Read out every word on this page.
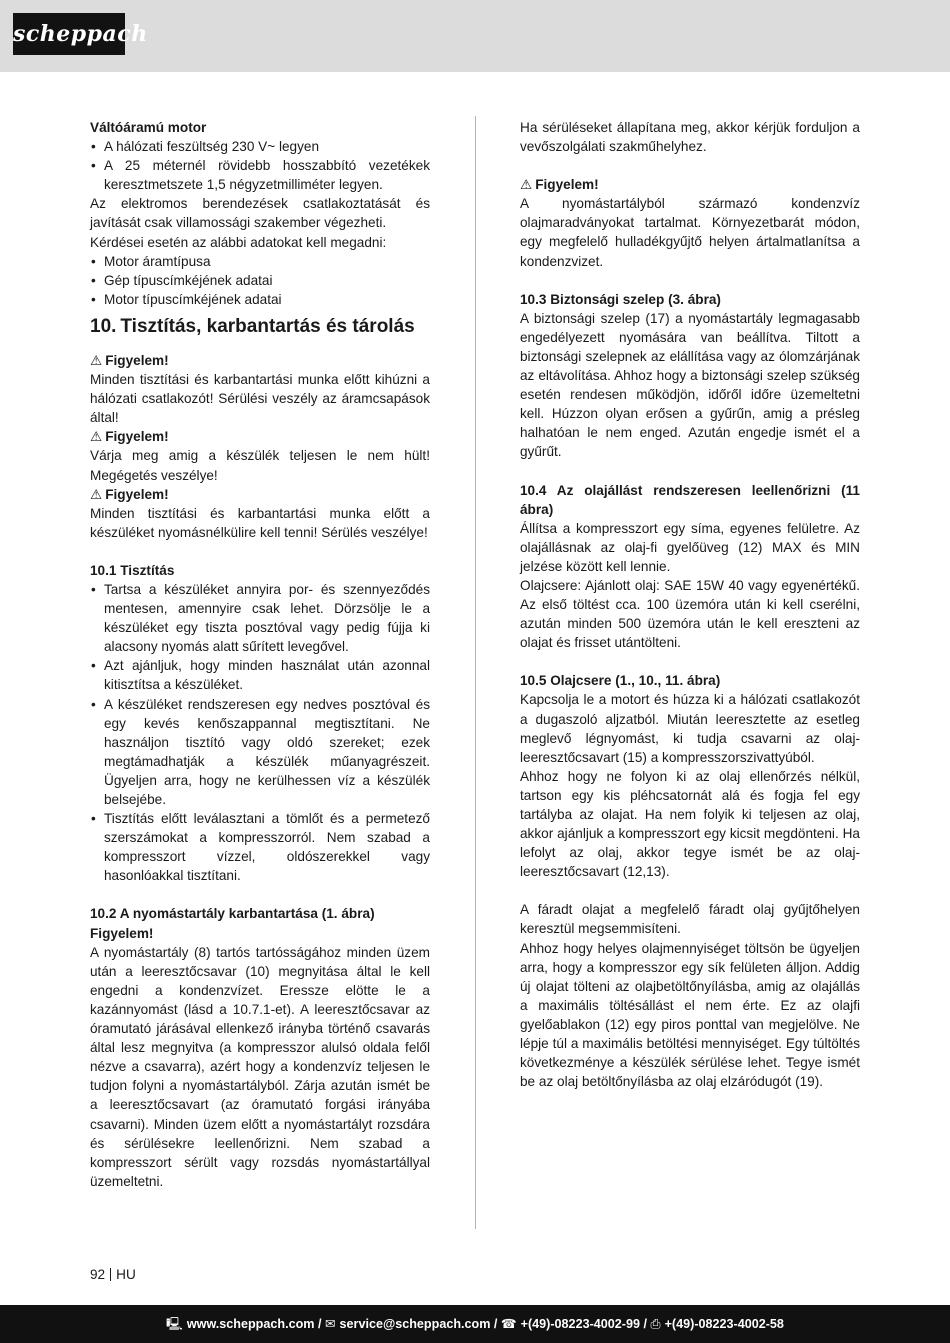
scheppach

Váltóáramú motor

• A hálózati feszültség 230 V~ legyen
• A 25 méternél rövidebb hosszabbító vezetékek keresztmetszete 1,5 négyzetmilliméter legyen.

Az elektromos berendezések csatlakoztatását és javítását csak villamossági szakember végezheti.

Kérdései esetén az alábbi adatokat kell megadni:

• Motor áramtípusa
• Gép típuscímkéjének adatai
• Motor típuscímkéjének adatai
10. Tisztítás, karbantartás és tárolás

⚠ Figyelem!

Minden tisztítási és karbantartási munka előtt kihúzni a hálózati csatlakozót! Sérülési veszély az áramcsapások által!

⚠ Figyelem!

Várja meg amig a készülék teljesen le nem hült! Megégetés veszélye!

⚠ Figyelem!

Minden tisztítási és karbantartási munka előtt a készüléket nyomásnélkülire kell tenni! Sérülés veszélye!

10.1 Tisztítás

• Tartsa a készüléket annyira por- és szennyeződés mentesen, amennyire csak lehet. Dörzsölje le a készüléket egy tiszta posztóval vagy pedig fújja ki alacsony nyomás alatt sűrített levegővel.
• Azt ajánljuk, hogy minden használat után azonnal kitisztítsa a készüléket.
• A készüléket rendszeresen egy nedves posztóval és egy kevés kenőszappannal megtisztítani. Ne használjon tisztító vagy oldó szereket; ezek megtámadhatják a készülék műanyagrészeit. Ügyeljen arra, hogy ne kerülhessen víz a készülék belsejébe.
• Tisztítás előtt leválasztani a tömlőt és a permetező szerszámokat a kompresszorról. Nem szabad a kompresszort vízzel, oldószerekkel vagy hasonlóakkal tisztítani.

10.2 A nyomástartály karbantartása (1. ábra)

Figyelem!

A nyomástartály (8) tartós tartósságához minden üzem után a leeresztőcsavar (10) megnyitása által le kell engedni a kondenzvízet. Eressze elötte le a kazánnyomást (lásd a 10.7.1-et). A leeresztőcsavar az óramutató járásával ellenkező irányba történő csavarás által lesz megnyitva (a kompresszor alulsó oldala felől nézve a csavarra), azért hogy a kondenzvíz teljesen le tudjon folyni a nyomástartályból. Zárja azután ismét be a leeresztőcsavart (az óramutató forgási irányába csavarni). Minden üzem előtt a nyomástartályt rozsdára és sérülésekre leellenőrizni. Nem szabad a kompresszort sérült vagy rozsdás nyomástartállyal üzemeltetni.

Ha sérüléseket állapítana meg, akkor kérjük forduljon a vevőszolgálati szakműhelyhez.

⚠ Figyelem!

A nyomástartályból származó kondenzvíz olajmaradványokat tartalmat. Környezetbarát módon, egy megfelelő hulladékgyűjtő helyen ártalmatlanítsa a kondenzvizet.

10.3 Biztonsági szelep (3. ábra)

A biztonsági szelep (17) a nyomástartály legmagasabb engedélyezett nyomására van beállítva. Tiltott a biztonsági szelepnek az elállítása vagy az ólomzárjának az eltávolítása. Ahhoz hogy a biztonsági szelep szükség esetén rendesen működjön, időről időre üzemeltetni kell. Húzzon olyan erősen a gyűrűn, amig a présleg halhatóan le nem enged. Azután engedje ismét el a gyűrűt.

10.4 Az olajállást rendszeresen leellenőrizni (11 ábra)

Állítsa a kompresszort egy síma, egyenes felületre. Az olajállásnak az olaj-fi gyelőüveg (12) MAX és MIN jelzése között kell lennie.

Olajcsere: Ajánlott olaj: SAE 15W 40 vagy egyenértékű. Az első töltést cca. 100 üzemóra után ki kell cserélni, azután minden 500 üzemóra után le kell ereszteni az olajat és frisset utántölteni.

10.5 Olajcsere (1., 10., 11. ábra)

Kapcsolja le a motort és húzza ki a hálózati csatlakozót a dugaszoló aljzatból. Miután leeresztette az esetleg meglevő légnyomást, ki tudja csavarni az olaj-leeresztőcsavart (15) a kompresszorszivattyúból.

Ahhoz hogy ne folyon ki az olaj ellenőrzés nélkül, tartson egy kis pléhcsatornát alá és fogja fel egy tartályba az olajat. Ha nem folyik ki teljesen az olaj, akkor ajánljuk a kompresszort egy kicsit megdönteni. Ha lefolyt az olaj, akkor tegye ismét be az olaj-leeresztőcsavart (12,13).

A fáradt olajat a megfelelő fáradt olaj gyűjtőhelyen keresztül megsemmisíteni.

Ahhoz hogy helyes olajmennyiséget töltsön be ügyeljen arra, hogy a kompresszor egy sík felületen álljon. Addig új olajat tölteni az olajbetöltőnyílásba, amig az olajállás a maximális töltésállást el nem érte. Ez az olajfi gyelőablakon (12) egy piros ponttal van megjelölve. Ne lépje túl a maximális betöltési mennyiséget. Egy túltöltés következménye a készülék sérülése lehet. Tegye ismét be az olaj betöltőnyílásba az olaj elzáródugót (19).

92 HU
🖳 www.scheppach.com / ✉ service@scheppach.com / ☎ +(49)-08223-4002-99 / ⎙ +(49)-08223-4002-58
